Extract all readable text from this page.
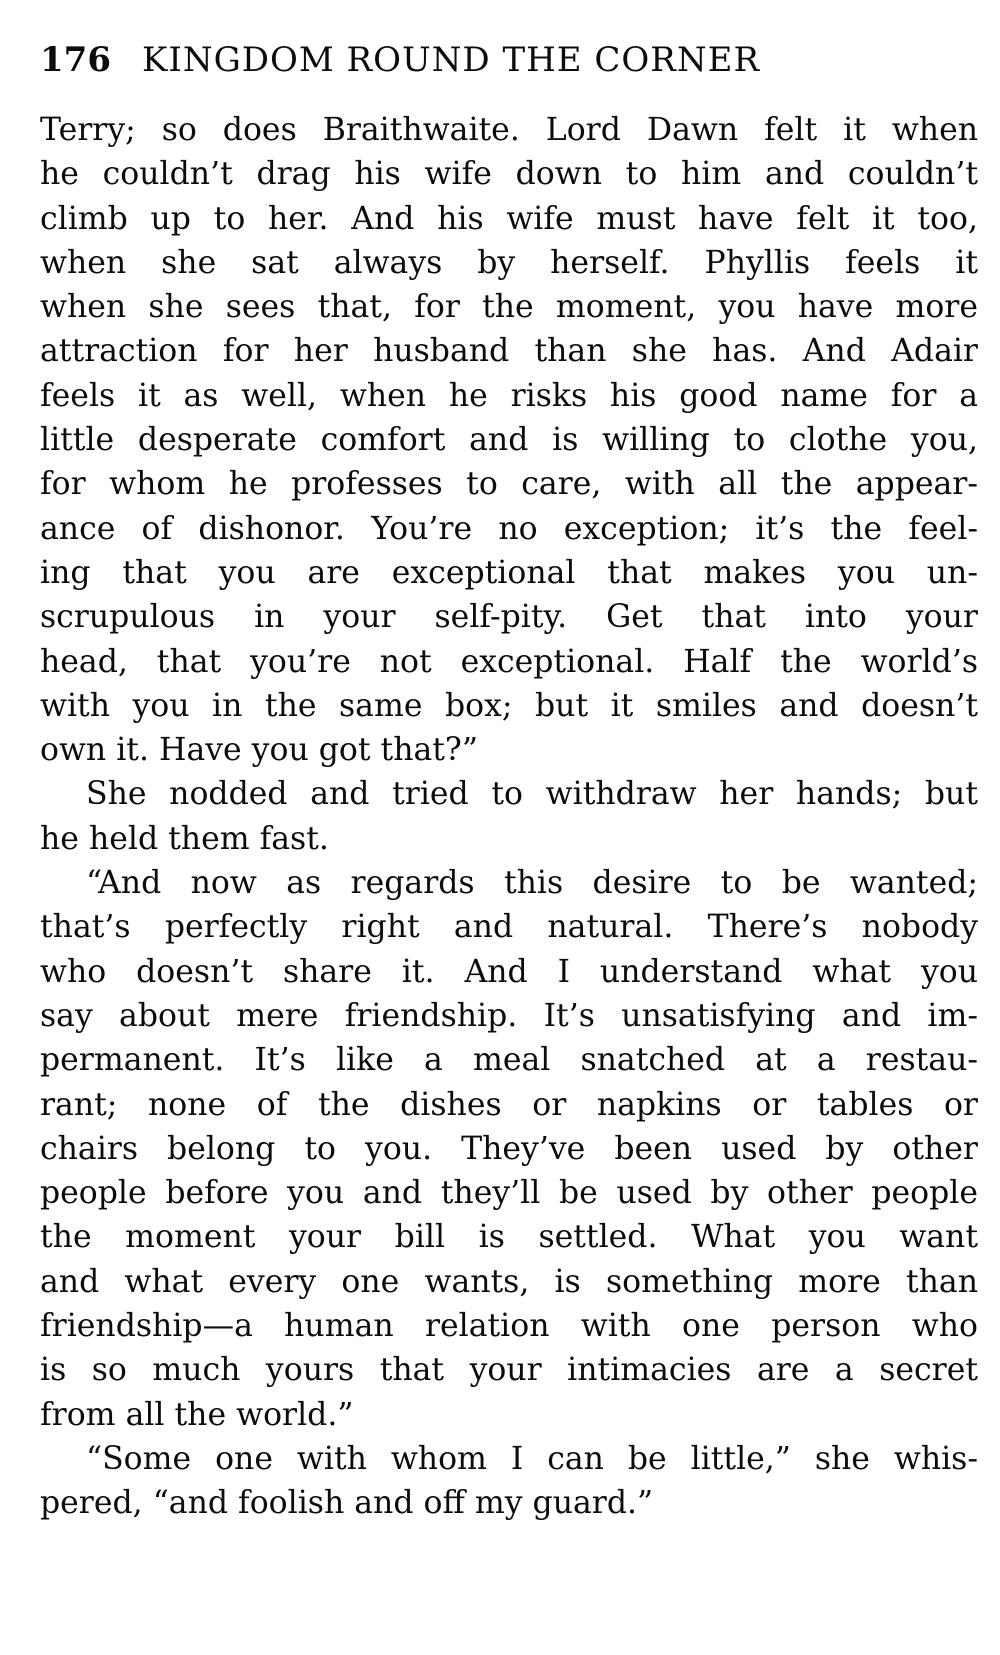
176 KINGDOM ROUND THE CORNER
Terry; so does Braithwaite. Lord Dawn felt it when
he couldn’t drag his wife down to him and couldn’t
climb up to her. And his wife must have felt it too,
when she sat always by herself. Phyllis feels it
when she sees that, for the moment, you have more
attraction for her husband than she has. And Adair
feels it as well, when he risks his good name for a
little desperate comfort and is willing to clothe you,
for whom he professes to care, with all the appear-
ance of dishonor. You’re no exception; it’s the feel-
ing that you are exceptional that makes you un-
scrupulous in your self-pity. Get that into your
head, that you’re not exceptional. Half the world’s
with you in the same box; but it smiles and doesn’t
own it. Have you got that?”
She nodded and tried to withdraw her hands; but
he held them fast.
“And now as regards this desire to be wanted;
that’s perfectly right and natural. There’s nobody
who doesn’t share it. And I understand what you
say about mere friendship. It’s unsatisfying and im-
permanent. It’s like a meal snatched at a restau-
rant; none of the dishes or napkins or tables or
chairs belong to you. They’ve been used by other
people before you and they’ll be used by other people
the moment your bill is settled. What you want
and what every one wants, is something more than
friendship—a human relation with one person who
is so much yours that your intimacies are a secret
from all the world.”
“Some one with whom I can be little,” she whis-
pered, “and foolish and off my guard.”
